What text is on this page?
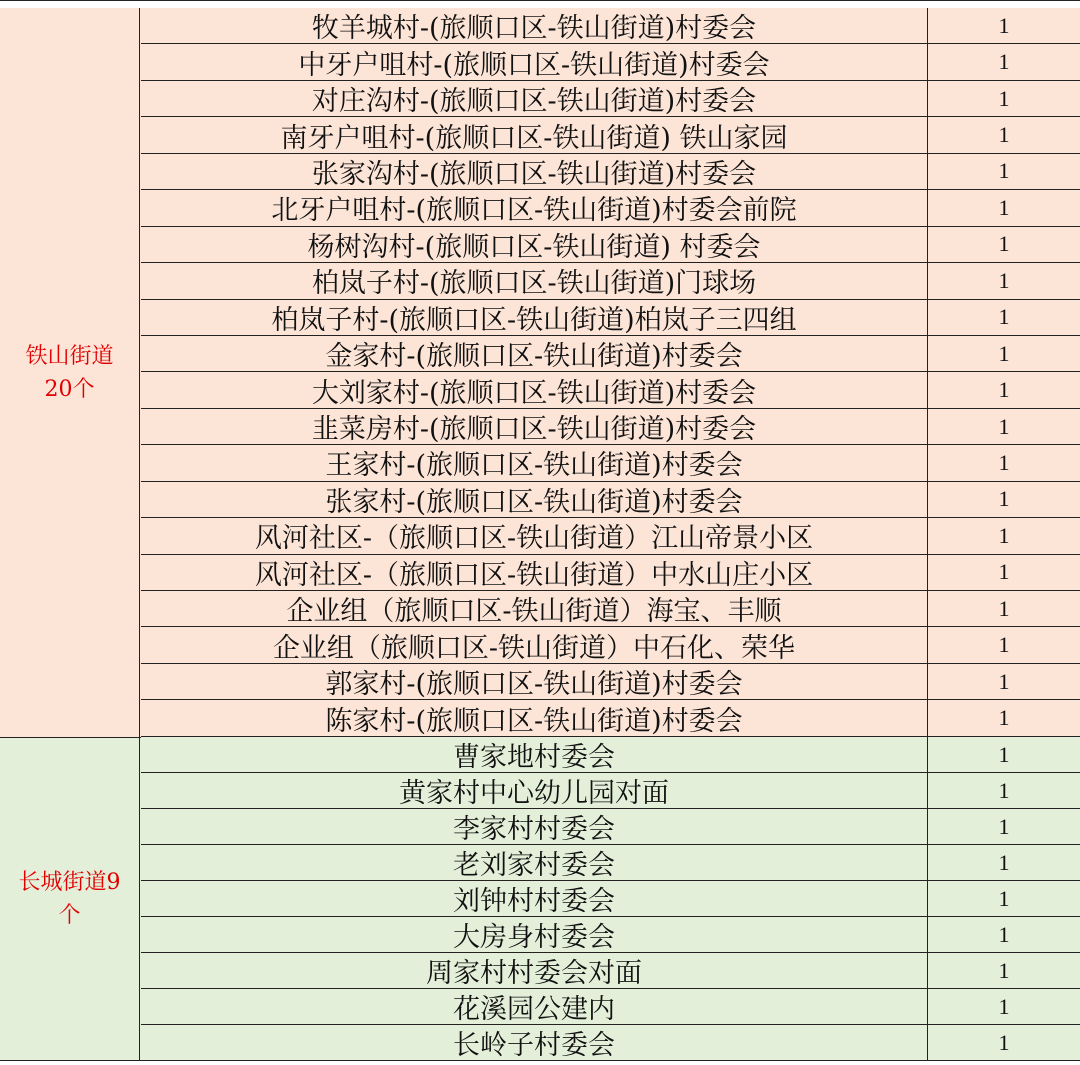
铁山街道
20个
牧羊城村-(旅顺口区-铁山街道)村委会	1
中牙户咀村-(旅顺口区-铁山街道)村委会	1
对庄沟村-(旅顺口区-铁山街道)村委会	1
南牙户咀村-(旅顺口区-铁山街道) 铁山家园	1
张家沟村-(旅顺口区-铁山街道)村委会	1
北牙户咀村-(旅顺口区-铁山街道)村委会前院	1
杨树沟村-(旅顺口区-铁山街道) 村委会	1
柏岚子村-(旅顺口区-铁山街道)门球场	1
柏岚子村-(旅顺口区-铁山街道)柏岚子三四组	1
金家村-(旅顺口区-铁山街道)村委会	1
大刘家村-(旅顺口区-铁山街道)村委会	1
韭菜房村-(旅顺口区-铁山街道)村委会	1
王家村-(旅顺口区-铁山街道)村委会	1
张家村-(旅顺口区-铁山街道)村委会	1
风河社区-（旅顺口区-铁山街道）江山帝景小区	1
风河社区-（旅顺口区-铁山街道）中水山庄小区	1
企业组（旅顺口区-铁山街道）海宝、丰顺	1
企业组（旅顺口区-铁山街道）中石化、荣华	1
郭家村-(旅顺口区-铁山街道)村委会	1
陈家村-(旅顺口区-铁山街道)村委会	1
长城街道9
个
曹家地村委会	1
黄家村中心幼儿园对面	1
李家村村委会	1
老刘家村委会	1
刘钟村村委会	1
大房身村委会	1
周家村村委会对面	1
花溪园公建内	1
长岭子村委会	1
